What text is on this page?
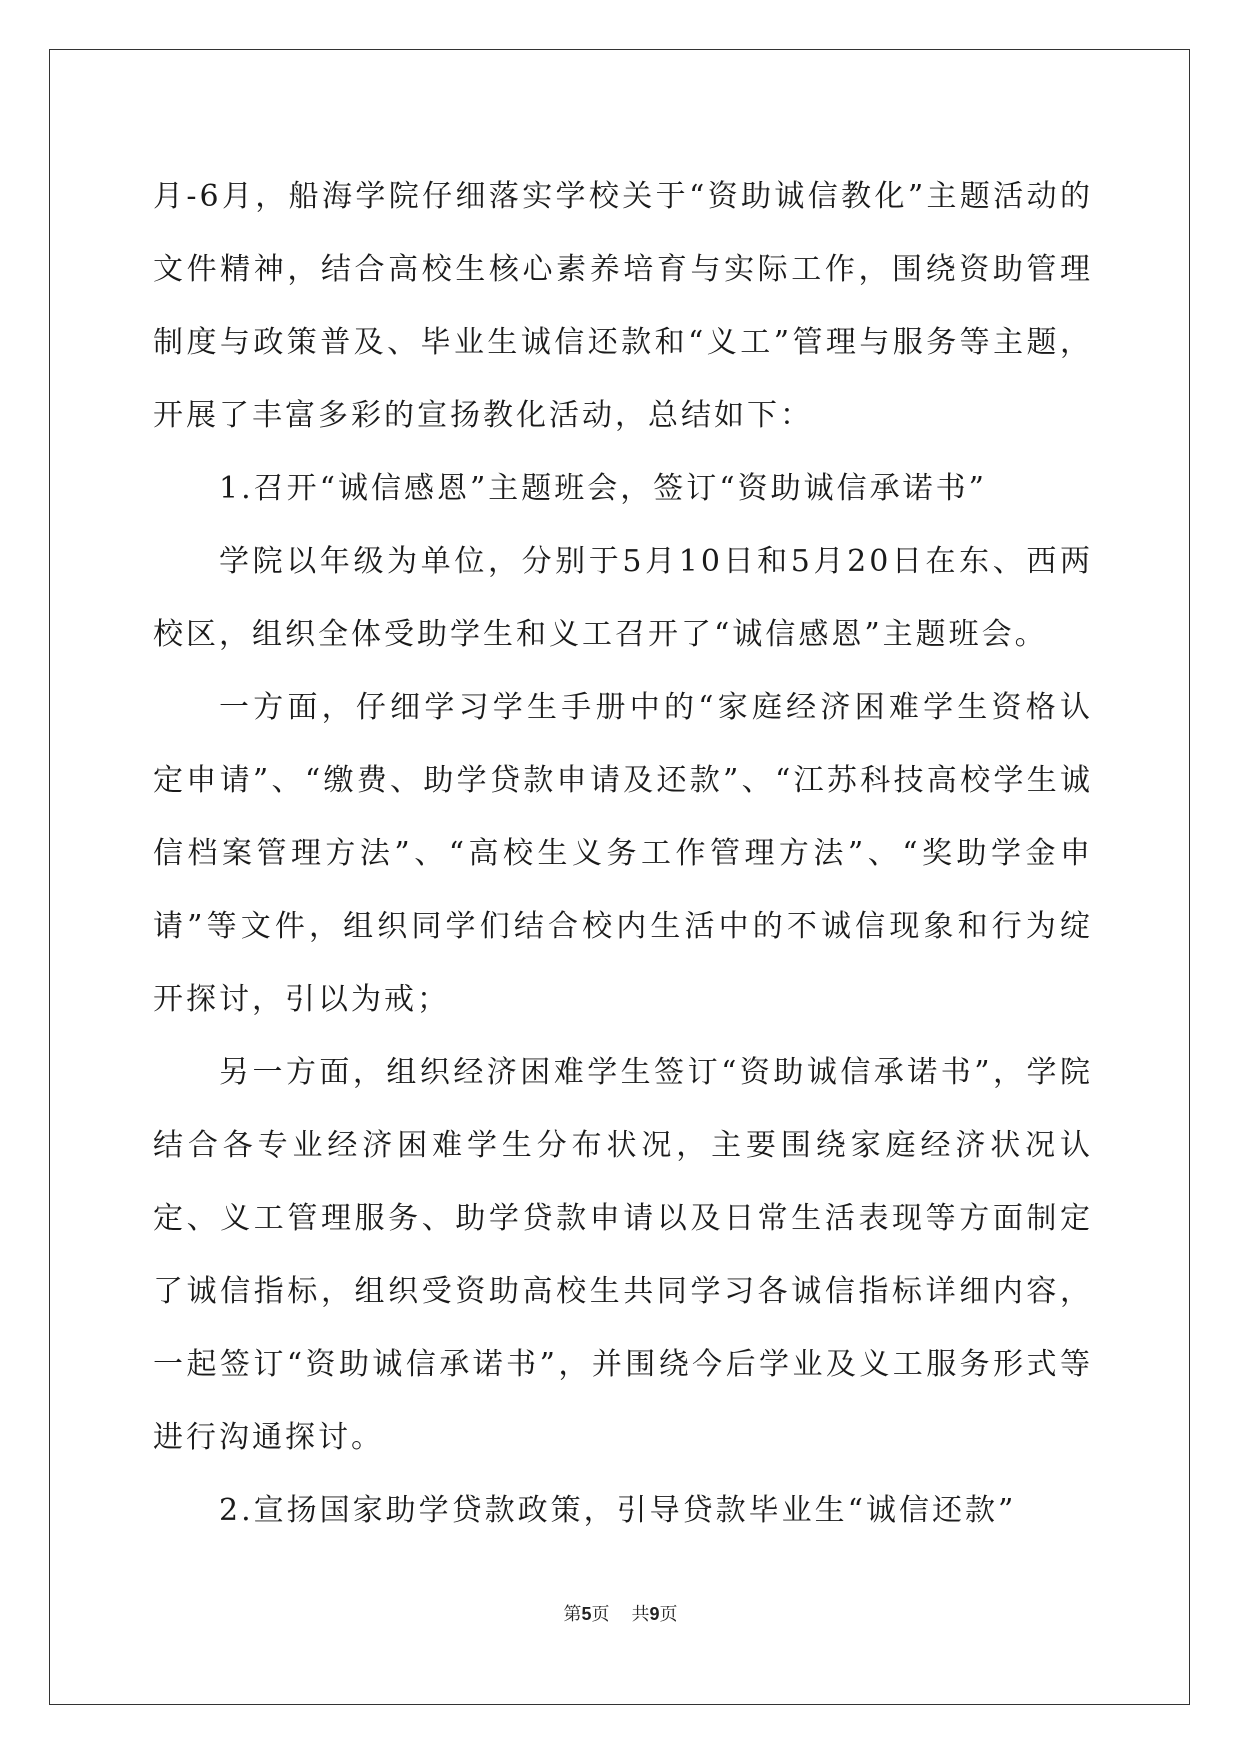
月-6月，船海学院仔细落实学校关于“资助诚信教化”主题活动的文件精神，结合高校生核心素养培育与实际工作，围绕资助管理制度与政策普及、毕业生诚信还款和“义工”管理与服务等主题，开展了丰富多彩的宣扬教化活动，总结如下：

1.召开“诚信感恩”主题班会，签订“资助诚信承诺书”

学院以年级为单位，分别于5月10日和5月20日在东、西两校区，组织全体受助学生和义工召开了“诚信感恩”主题班会。

一方面，仔细学习学生手册中的“家庭经济困难学生资格认定申请”、“缴费、助学贷款申请及还款”、“江苏科技高校学生诚信档案管理方法”、“高校生义务工作管理方法”、“奖助学金申请”等文件，组织同学们结合校内生活中的不诚信现象和行为绽开探讨，引以为戒；

另一方面，组织经济困难学生签订“资助诚信承诺书”，学院结合各专业经济困难学生分布状况，主要围绕家庭经济状况认定、义工管理服务、助学贷款申请以及日常生活表现等方面制定了诚信指标，组织受资助高校生共同学习各诚信指标详细内容，一起签订“资助诚信承诺书”，并围绕今后学业及义工服务形式等进行沟通探讨。

2.宣扬国家助学贷款政策，引导贷款毕业生“诚信还款”

第5页 共9页
